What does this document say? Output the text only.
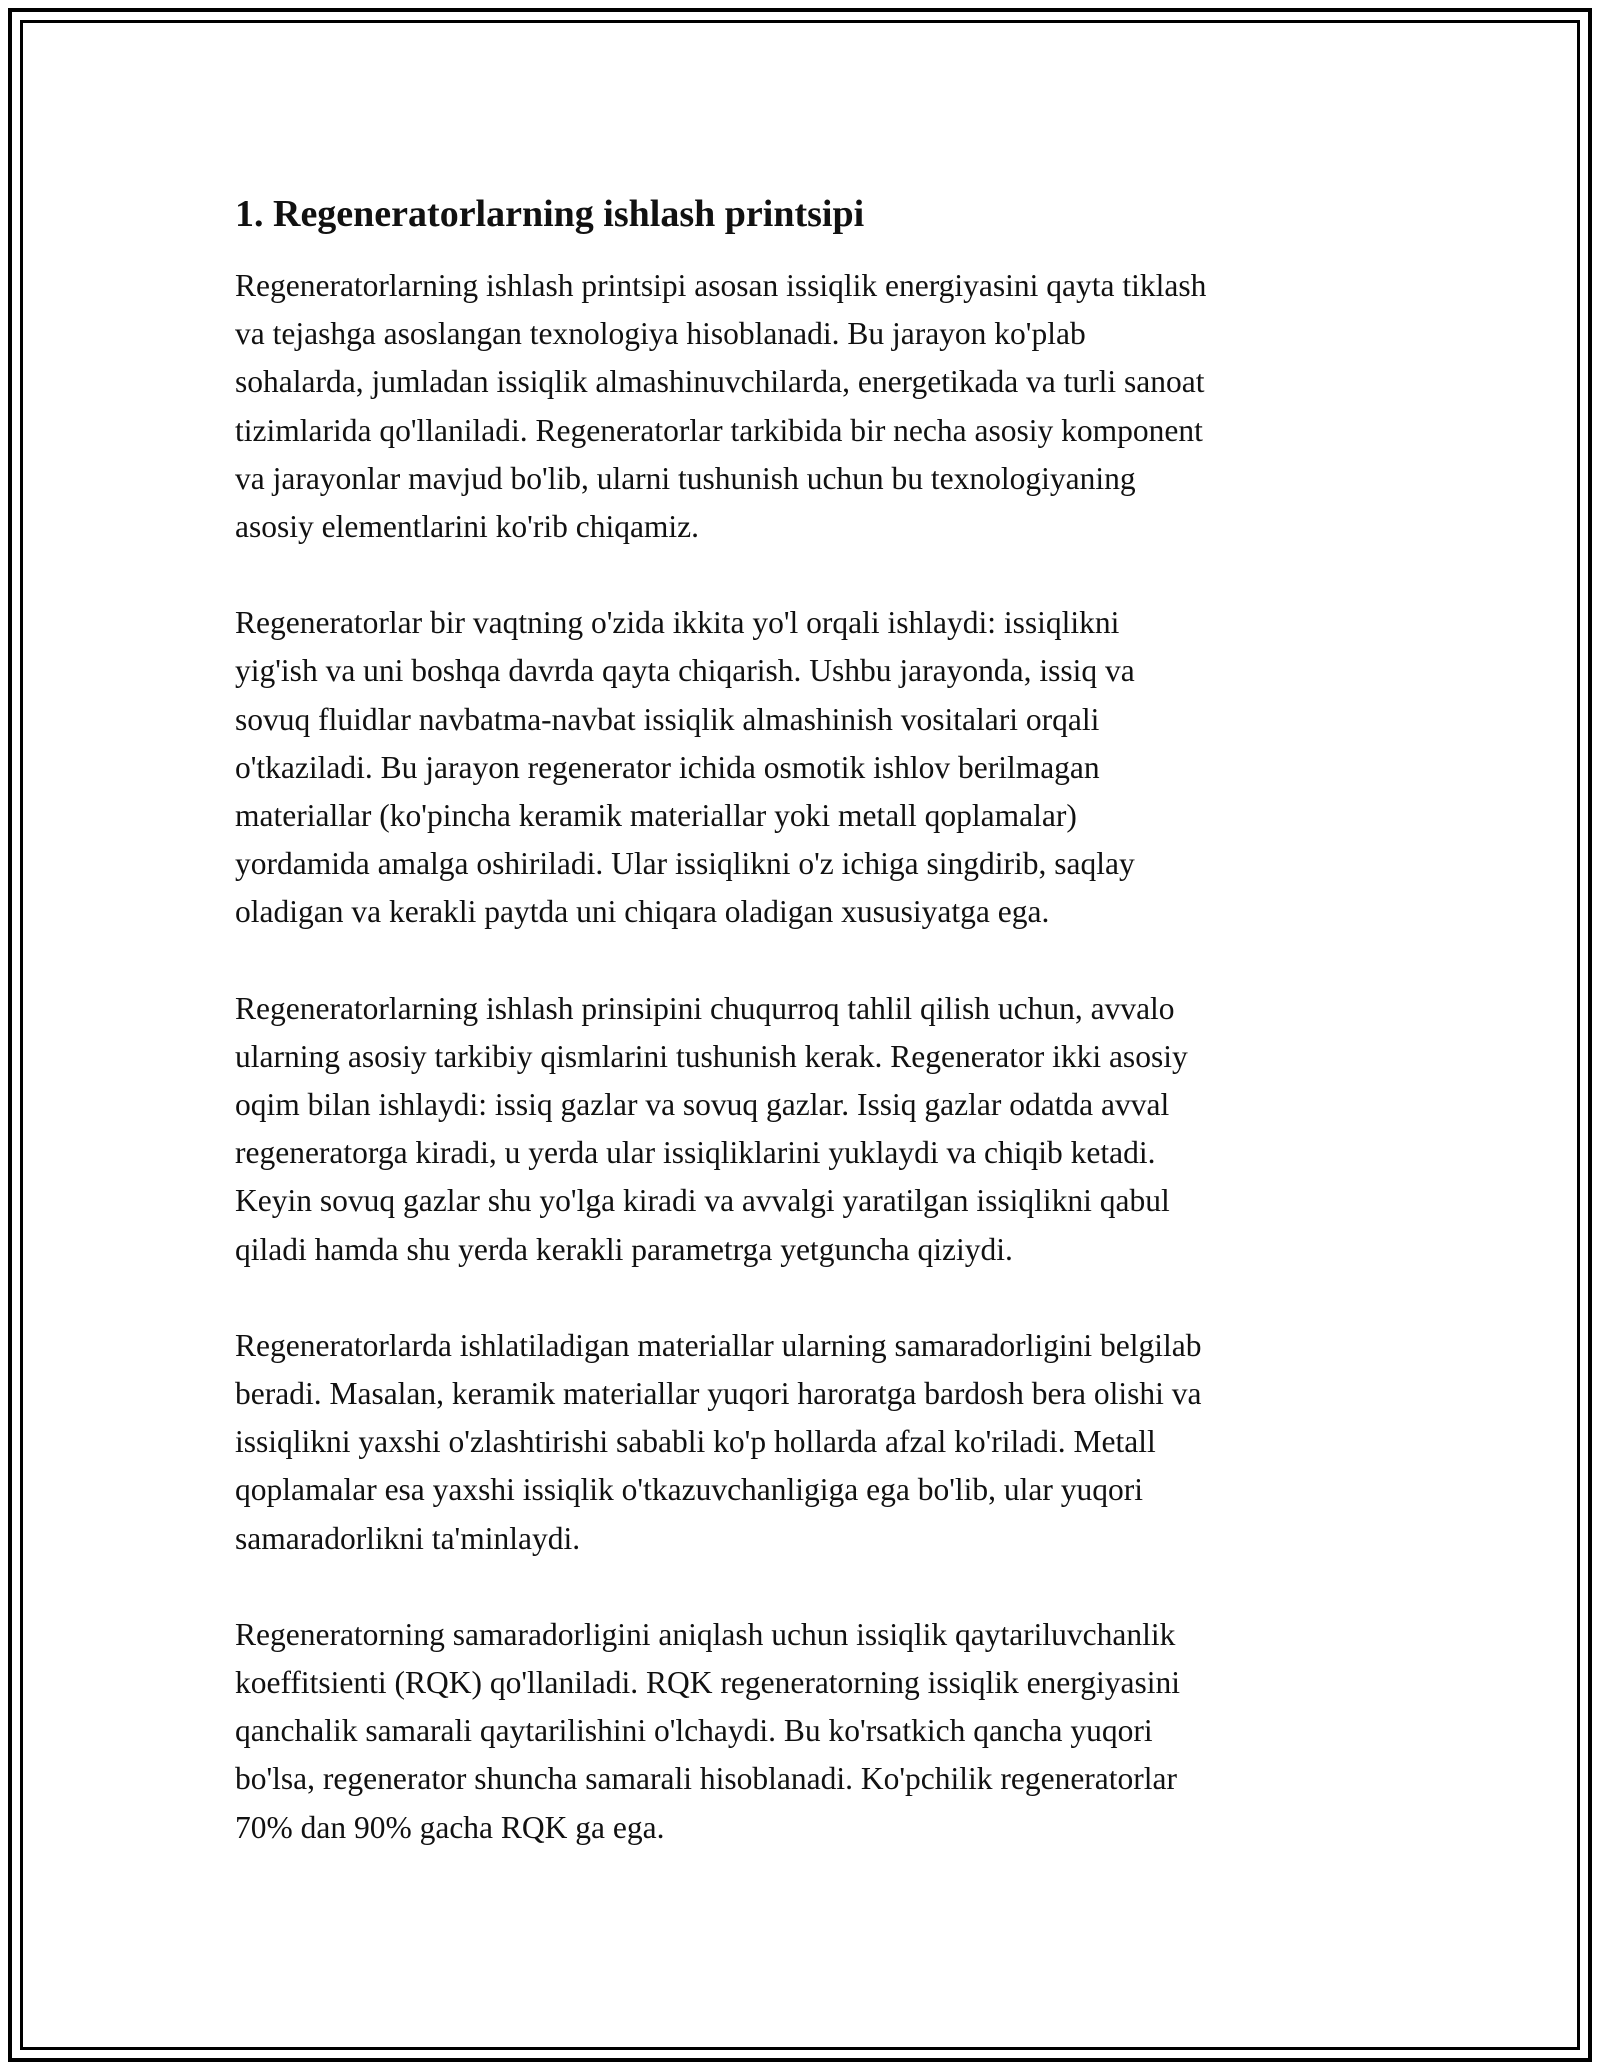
1. Regeneratorlarning ishlash printsipi

Regeneratorlarning ishlash printsipi asosan issiqlik energiyasini qayta tiklash
va tejashga asoslangan texnologiya hisoblanadi. Bu jarayon ko'plab
sohalarda, jumladan issiqlik almashinuvchilarda, energetikada va turli sanoat
tizimlarida qo'llaniladi. Regeneratorlar tarkibida bir necha asosiy komponent
va jarayonlar mavjud bo'lib, ularni tushunish uchun bu texnologiyaning
asosiy elementlarini ko'rib chiqamiz.

Regeneratorlar bir vaqtning o'zida ikkita yo'l orqali ishlaydi: issiqlikni
yig'ish va uni boshqa davrda qayta chiqarish. Ushbu jarayonda, issiq va
sovuq fluidlar navbatma-navbat issiqlik almashinish vositalari orqali
o'tkaziladi. Bu jarayon regenerator ichida osmotik ishlov berilmagan
materiallar (ko'pincha keramik materiallar yoki metall qoplamalar)
yordamida amalga oshiriladi. Ular issiqlikni o'z ichiga singdirib, saqlay
oladigan va kerakli paytda uni chiqara oladigan xususiyatga ega.

Regeneratorlarning ishlash prinsipini chuqurroq tahlil qilish uchun, avvalo
ularning asosiy tarkibiy qismlarini tushunish kerak. Regenerator ikki asosiy
oqim bilan ishlaydi: issiq gazlar va sovuq gazlar. Issiq gazlar odatda avval
regeneratorga kiradi, u yerda ular issiqliklarini yuklaydi va chiqib ketadi.
Keyin sovuq gazlar shu yo'lga kiradi va avvalgi yaratilgan issiqlikni qabul
qiladi hamda shu yerda kerakli parametrga yetguncha qiziydi.

Regeneratorlarda ishlatiladigan materiallar ularning samaradorligini belgilab
beradi. Masalan, keramik materiallar yuqori haroratga bardosh bera olishi va
issiqlikni yaxshi o'zlashtirishi sababli ko'p hollarda afzal ko'riladi. Metall
qoplamalar esa yaxshi issiqlik o'tkazuvchanligiga ega bo'lib, ular yuqori
samaradorlikni ta'minlaydi.

Regeneratorning samaradorligini aniqlash uchun issiqlik qaytariluvchanlik
koeffitsienti (RQK) qo'llaniladi. RQK regeneratorning issiqlik energiyasini
qanchalik samarali qaytarilishini o'lchaydi. Bu ko'rsatkich qancha yuqori
bo'lsa, regenerator shuncha samarali hisoblanadi. Ko'pchilik regeneratorlar
70% dan 90% gacha RQK ga ega.
